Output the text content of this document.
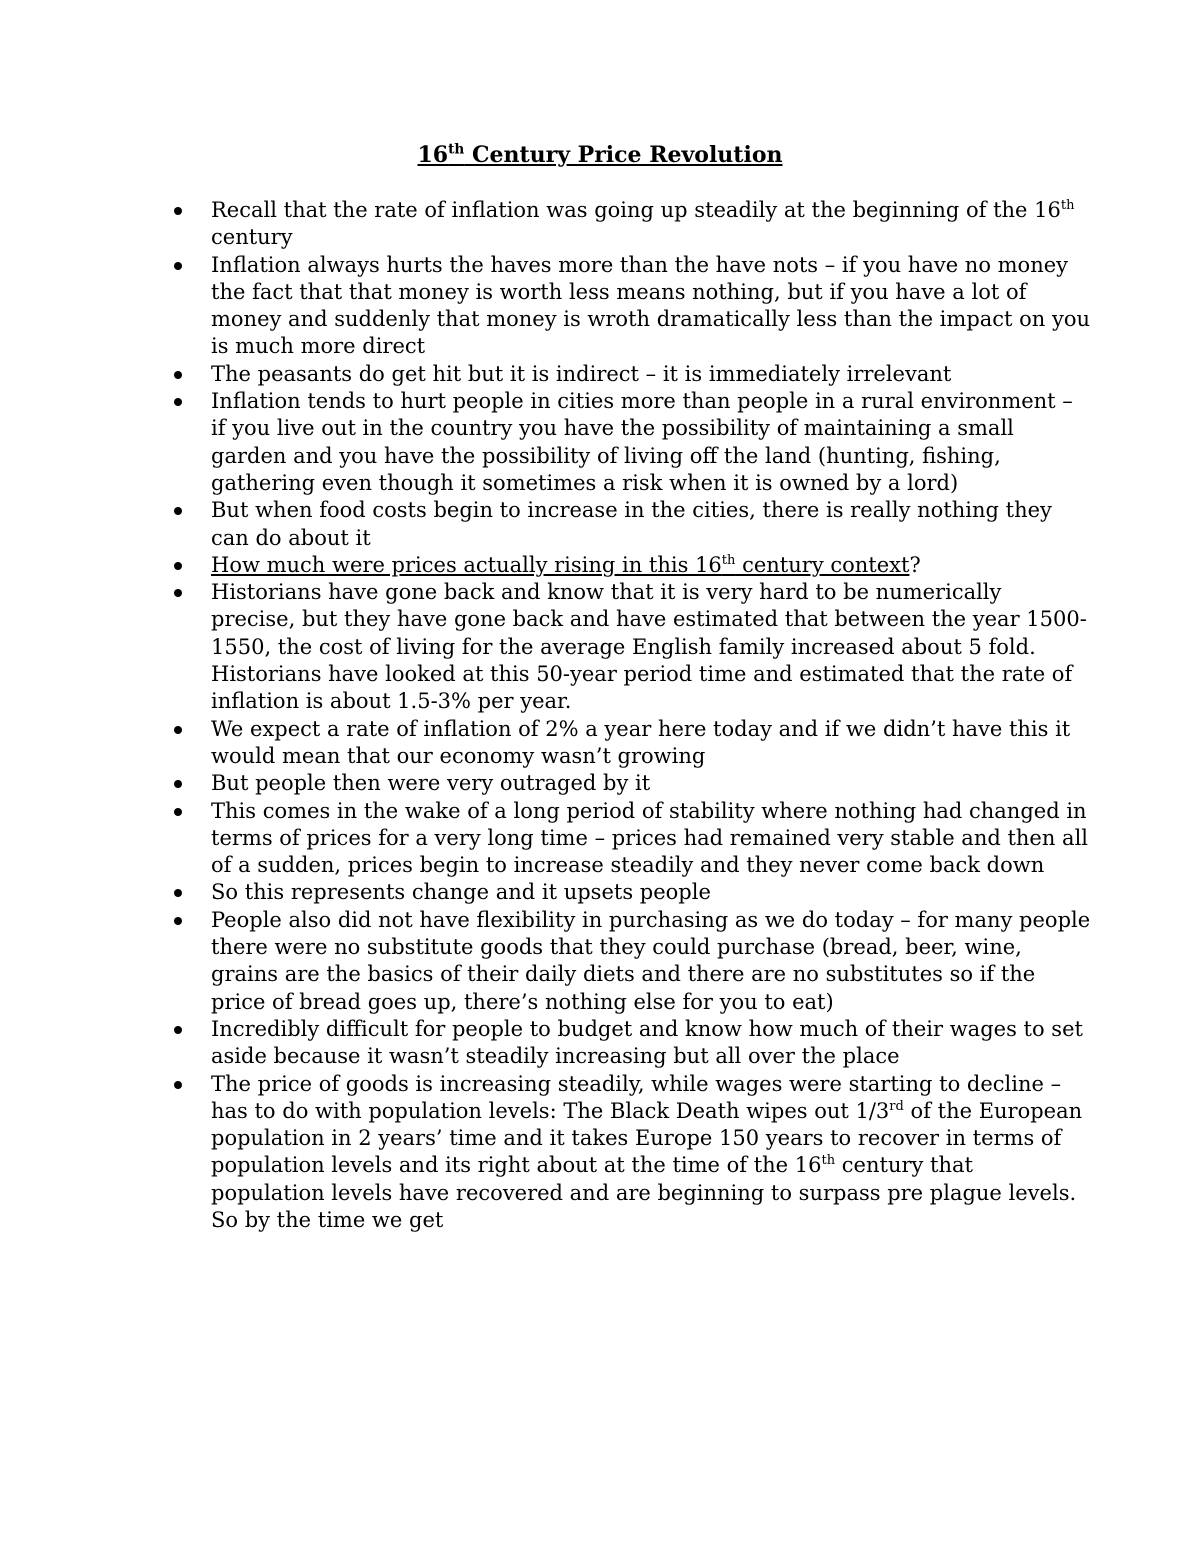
16th Century Price Revolution
Recall that the rate of inflation was going up steadily at the beginning of the 16th century
Inflation always hurts the haves more than the have nots – if you have no money the fact that that money is worth less means nothing, but if you have a lot of money and suddenly that money is wroth dramatically less than the impact on you is much more direct
The peasants do get hit but it is indirect – it is immediately irrelevant
Inflation tends to hurt people in cities more than people in a rural environment – if you live out in the country you have the possibility of maintaining a small garden and you have the possibility of living off the land (hunting, fishing, gathering even though it sometimes a risk when it is owned by a lord)
But when food costs begin to increase in the cities, there is really nothing they can do about it
How much were prices actually rising in this 16th century context?
Historians have gone back and know that it is very hard to be numerically precise, but they have gone back and have estimated that between the year 1500-1550, the cost of living for the average English family increased about 5 fold. Historians have looked at this 50-year period time and estimated that the rate of inflation is about 1.5-3% per year.
We expect a rate of inflation of 2% a year here today and if we didn’t have this it would mean that our economy wasn’t growing
But people then were very outraged by it
This comes in the wake of a long period of stability where nothing had changed in terms of prices for a very long time – prices had remained very stable and then all of a sudden, prices begin to increase steadily and they never come back down
So this represents change and it upsets people
People also did not have flexibility in purchasing as we do today – for many people there were no substitute goods that they could purchase (bread, beer, wine, grains are the basics of their daily diets and there are no substitutes so if the price of bread goes up, there’s nothing else for you to eat)
Incredibly difficult for people to budget and know how much of their wages to set aside because it wasn’t steadily increasing but all over the place
The price of goods is increasing steadily, while wages were starting to decline – has to do with population levels: The Black Death wipes out 1/3rd of the European population in 2 years’ time and it takes Europe 150 years to recover in terms of population levels and its right about at the time of the 16th century that population levels have recovered and are beginning to surpass pre plague levels. So by the time we get
